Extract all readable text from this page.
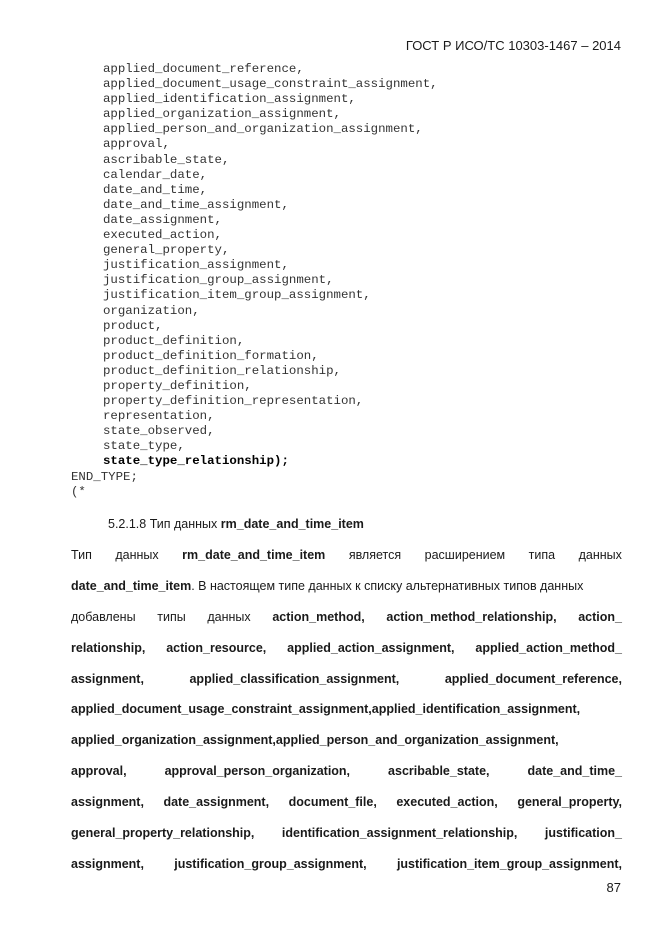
ГОСТ Р ИСО/ТС 10303-1467 – 2014
applied_document_reference,
applied_document_usage_constraint_assignment,
applied_identification_assignment,
applied_organization_assignment,
applied_person_and_organization_assignment,
approval,
ascribable_state,
calendar_date,
date_and_time,
date_and_time_assignment,
date_assignment,
executed_action,
general_property,
justification_assignment,
justification_group_assignment,
justification_item_group_assignment,
organization,
product,
product_definition,
product_definition_formation,
product_definition_relationship,
property_definition,
property_definition_representation,
representation,
state_observed,
state_type,
state_type_relationship);
END_TYPE;
(*
5.2.1.8 Тип данных rm_date_and_time_item
Тип данных rm_date_and_time_item является расширением типа данных
date_and_time_item . В настоящем типе данных к списку альтернативных типов данных
добавлены типы данных action_method, action_method_relationship, action_
relationship, action_resource, applied_action_assignment, applied_action_method_
assignment,	applied_classification_assignment,	applied_document_reference,
applied_document_usage_constraint_assignment, applied_identification_assignment,
applied_organization_assignment, applied_person_and_organization_assignment,
approval,	approval_person_organization,	ascribable_state,	date_and_time_
assignment, date_assignment, document_file, executed_action, general_property,
general_property_relationship, identification_assignment_relationship, justification_
assignment, justification_group_assignment, justification_item_group_assignment,
87
